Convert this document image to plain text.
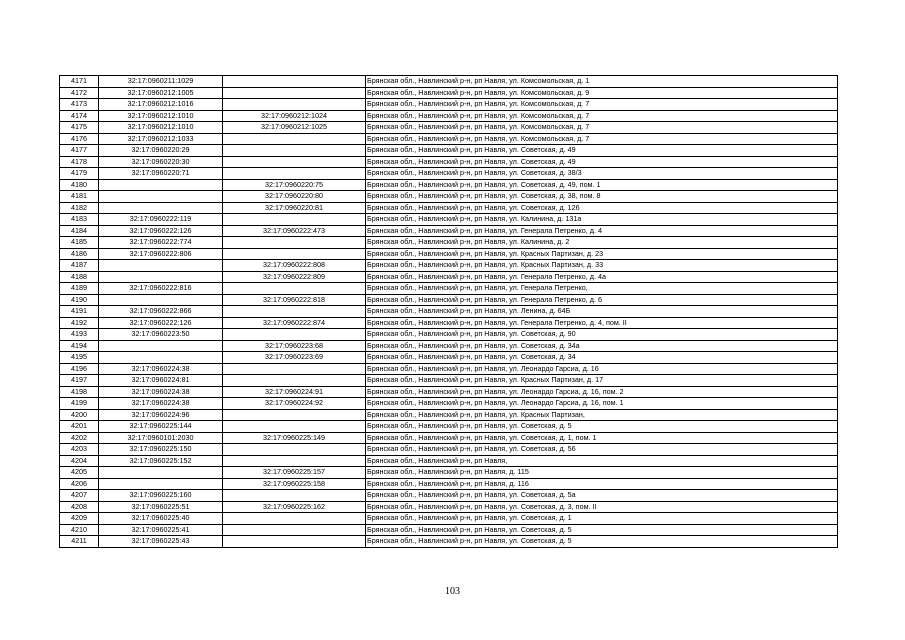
4171	32:17:0960211:1029		Брянская обл., Навлинский р-н, рп Навля, ул. Комсомольская, д. 1
4172	32:17:0960212:1005		Брянская обл., Навлинский р-н, рп Навля, ул. Комсомольская, д. 9
4173	32:17:0960212:1016		Брянская обл., Навлинский р-н, рп Навля, ул. Комсомольская, д. 7
4174	32:17:0960212:1010	32:17:0960212:1024	Брянская обл., Навлинский р-н, рп Навля, ул. Комсомольская, д. 7
4175	32:17:0960212:1010	32:17:0960212:1025	Брянская обл., Навлинский р-н, рп Навля, ул. Комсомольская, д. 7
4176	32:17:0960212:1033		Брянская обл., Навлинский р-н, рп Навля, ул. Комсомольская, д. 7
4177	32:17:0960220:29		Брянская обл., Навлинский р-н, рп Навля, ул. Советская, д. 49
4178	32:17:0960220:30		Брянская обл., Навлинский р-н, рп Навля, ул. Советская, д. 49
4179	32:17:0960220:71		Брянская обл., Навлинский р-н, рп Навля, ул. Советская, д. 38/3
4180		32:17:0960220:75	Брянская обл., Навлинский р-н, рп Навля, ул. Советская, д. 49, пом. 1
4181		32:17:0960220:80	Брянская обл., Навлинский р-н, рп Навля, ул. Советская, д. 38, пом. 8
4182		32:17:0960220:81	Брянская обл., Навлинский р-н, рп Навля, ул. Советская, д. 126
4183	32:17:0960222:119		Брянская обл., Навлинский р-н, рп Навля, ул. Калинина, д. 131а
4184	32:17:0960222:126	32:17:0960222:473	Брянская обл., Навлинский р-н, рп Навля, ул. Генерала Петренко, д. 4
4185	32:17:0960222:774		Брянская обл., Навлинский р-н, рп Навля, ул. Калинина, д. 2
4186	32:17:0960222:806		Брянская обл., Навлинский р-н, рп Навля, ул. Красных Партизан, д. 23
4187		32:17:0960222:808	Брянская обл., Навлинский р-н, рп Навля, ул. Красных Партизан, д. 33
4188		32:17:0960222:809	Брянская обл., Навлинский р-н, рп Навля, ул. Генерала Петренко, д. 4а
4189	32:17:0960222:816		Брянская обл., Навлинский р-н, рп Навля, ул. Генерала Петренко,
4190		32:17:0960222:818	Брянская обл., Навлинский р-н, рп Навля, ул. Генерала Петренко, д. 6
4191	32:17:0960222:866		Брянская обл., Навлинский р-н, рп Навля, ул. Ленина, д. 64Б
4192	32:17:0960222:126	32:17:0960222:874	Брянская обл., Навлинский р-н, рп Навля, ул. Генерала Петренко, д. 4, пом. II
4193	32:17:0960223:50		Брянская обл., Навлинский р-н, рп Навля, ул. Советская, д. 90
4194		32:17:0960223:68	Брянская обл., Навлинский р-н, рп Навля, ул. Советская, д. 34а
4195		32:17:0960223:69	Брянская обл., Навлинский р-н, рп Навля, ул. Советская, д. 34
4196	32:17:0960224:38		Брянская обл., Навлинский р-н, рп Навля, ул. Леонардо Гарсиа, д. 16
4197	32:17:0960224:81		Брянская обл., Навлинский р-н, рп Навля, ул. Красных Партизан, д. 17
4198	32:17:0960224:38	32:17:0960224:91	Брянская обл., Навлинский р-н, рп Навля, ул. Леонардо Гарсиа, д. 16, пом. 2
4199	32:17:0960224:38	32:17:0960224:92	Брянская обл., Навлинский р-н, рп Навля, ул. Леонардо Гарсиа, д. 16, пом. 1
4200	32:17:0960224:96		Брянская обл., Навлинский р-н, рп Навля, ул. Красных Партизан,
4201	32:17:0960225:144		Брянская обл., Навлинский р-н, рп Навля, ул. Советская, д. 5
4202	32:17:0960101:2030	32:17:0960225:149	Брянская обл., Навлинский р-н, рп Навля, ул. Советская, д. 1, пом. 1
4203	32:17:0960225:150		Брянская обл., Навлинский р-н, рп Навля, ул. Советская, д. 56
4204	32:17:0960225:152		Брянская обл., Навлинский р-н, рп Навля,
4205		32:17:0960225:157	Брянская обл., Навлинский р-н, рп Навля, д. 115
4206		32:17:0960225:158	Брянская обл., Навлинский р-н, рп Навля, д. 116
4207	32:17:0960225:160		Брянская обл., Навлинский р-н, рп Навля, ул. Советская, д. 5а
4208	32:17:0960225:51	32:17:0960225:162	Брянская обл., Навлинский р-н, рп Навля, ул. Советская, д. 3, пом. II
4209	32:17:0960225:40		Брянская обл., Навлинский р-н, рп Навля, ул. Советская, д. 1
4210	32:17:0960225:41		Брянская обл., Навлинский р-н, рп Навля, ул. Советская, д. 5
4211	32:17:0960225:43		Брянская обл., Навлинский р-н, рп Навля, ул. Советская, д. 5
103
